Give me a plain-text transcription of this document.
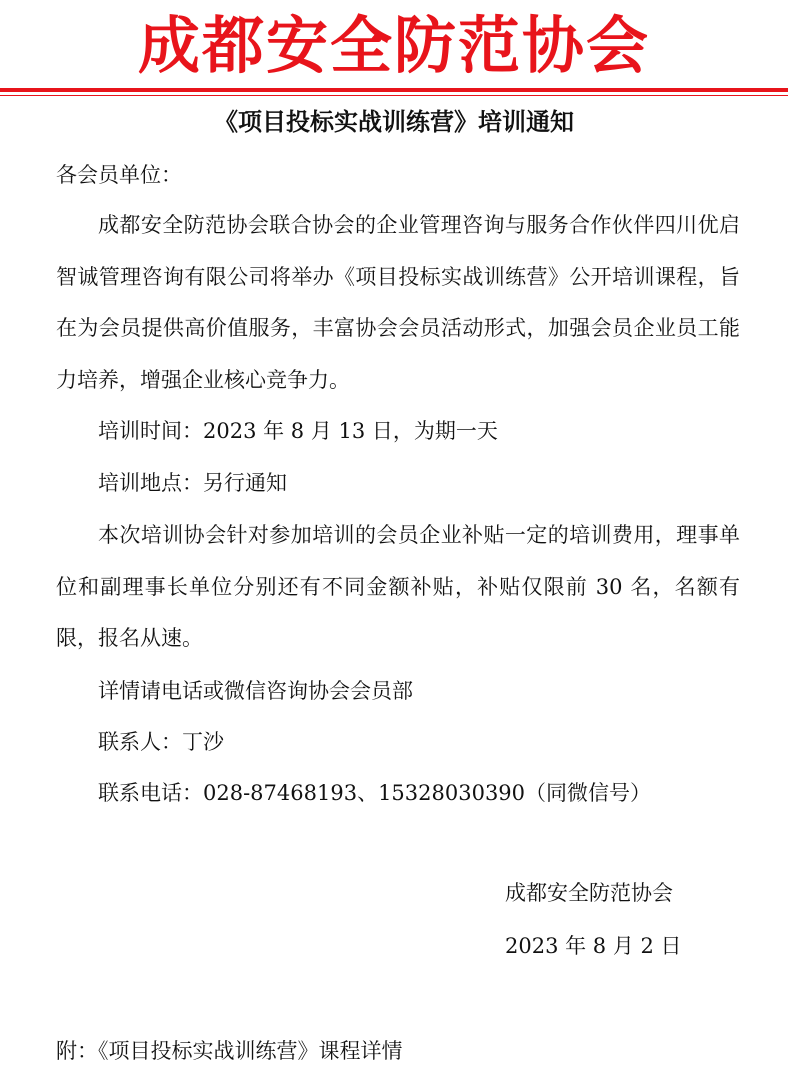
成都安全防范协会
《项目投标实战训练营》培训通知
各会员单位：
成都安全防范协会联合协会的企业管理咨询与服务合作伙伴四川优启智诚管理咨询有限公司将举办《项目投标实战训练营》公开培训课程，旨在为会员提供高价值服务，丰富协会会员活动形式，加强会员企业员工能力培养，增强企业核心竞争力。
培训时间：2023 年 8 月 13 日，为期一天
培训地点：另行通知
本次培训协会针对参加培训的会员企业补贴一定的培训费用，理事单位和副理事长单位分别还有不同金额补贴，补贴仅限前 30 名，名额有限，报名从速。
详情请电话或微信咨询协会会员部
联系人：丁沙
联系电话：028-87468193、15328030390（同微信号）
成都安全防范协会
2023 年 8 月 2 日
附：《项目投标实战训练营》课程详情
